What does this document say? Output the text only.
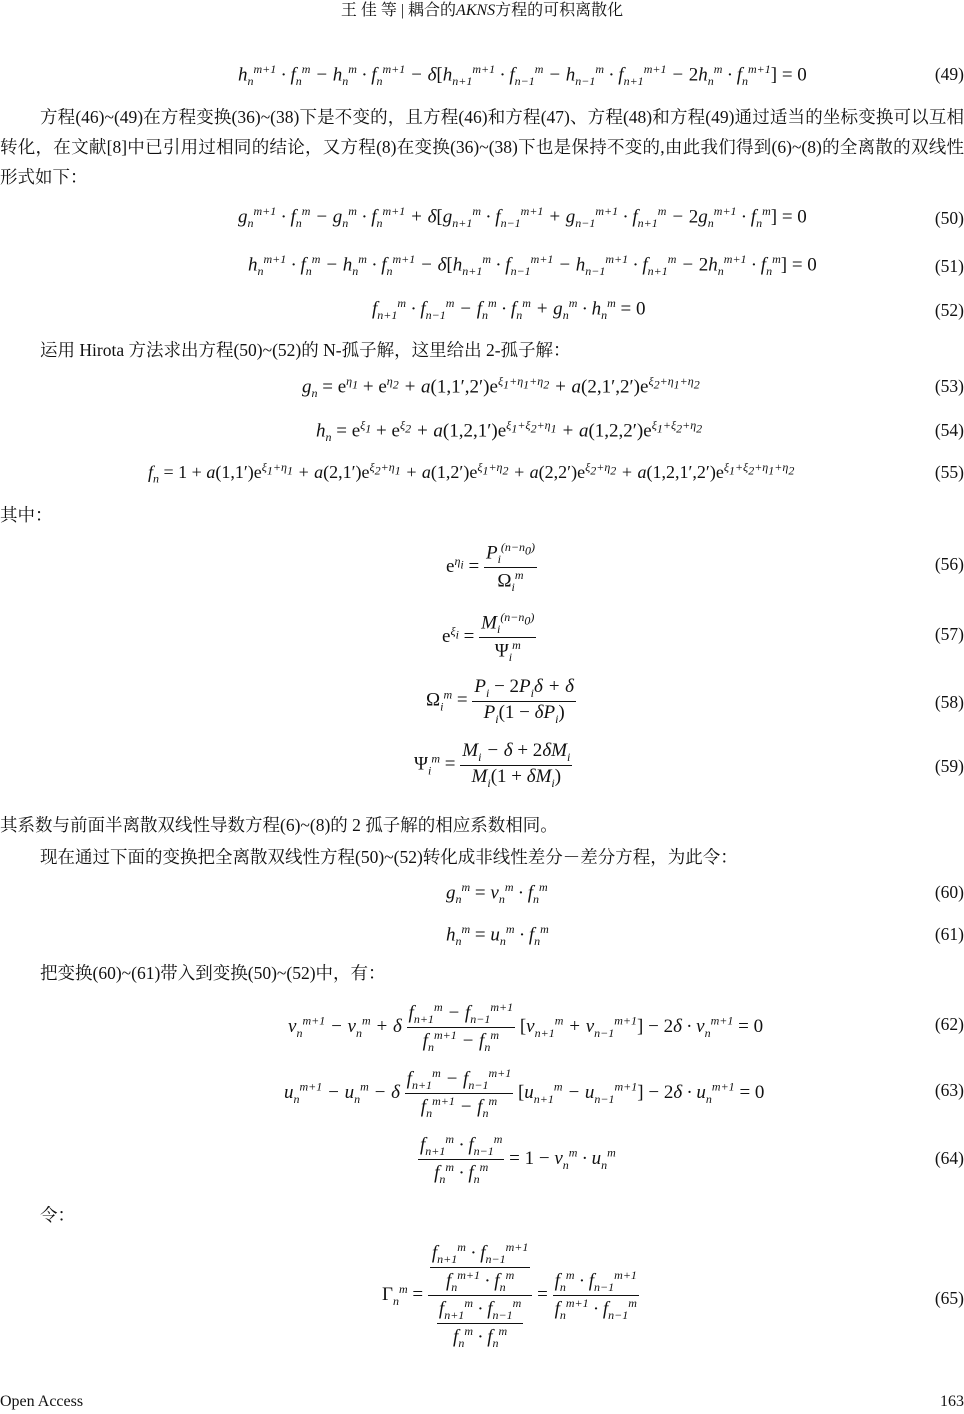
王 佳 等 | 耦合的AKNS方程的可积离散化
$h_n^{m+1} \cdot f_n^m - h_n^m \cdot f_n^{m+1} - \delta[h_{n+1}^{m+1} \cdot f_{n-1}^m - h_{n-1}^m \cdot f_{n+1}^{m+1} - 2h_n^m \cdot f_n^{m+1}] = 0$	(49)
方程(46)~(49)在方程变换(36)~(38)下是不变的，且方程(46)和方程(47)、方程(48)和方程(49)通过适当的坐标变换可以互相转化，在文献[8]中已引用过相同的结论，又方程(8)在变换(36)~(38)下也是保持不变的,由此我们得到(6)~(8)的全离散的双线性形式如下：
$g_n^{m+1} \cdot f_n^m - g_n^m \cdot f_n^{m+1} + \delta[g_{n+1}^m \cdot f_{n-1}^{m+1} + g_{n-1}^{m+1} \cdot f_{n+1}^m - 2g_n^{m+1} \cdot f_n^m] = 0$	(50)
$h_n^{m+1} \cdot f_n^m - h_n^m \cdot f_n^{m+1} - \delta[h_{n+1}^m \cdot f_{n-1}^{m+1} - h_{n-1}^{m+1} \cdot f_{n+1}^m - 2h_n^{m+1} \cdot f_n^m] = 0$	(51)
$f_{n+1}^m \cdot f_{n-1}^m - f_n^m \cdot f_n^m + g_n^m \cdot h_n^m = 0$	(52)
运用 Hirota 方法求出方程(50)~(52)的 N-孤子解，这里给出 2-孤子解：
$g_n = e^{\eta_1} + e^{\eta_2} + a(1,1',2')e^{\xi_1+\eta_1+\eta_2} + a(2,1',2')e^{\xi_2+\eta_1+\eta_2}$	(53)
$h_n = e^{\xi_1} + e^{\xi_2} + a(1,2,1')e^{\xi_1+\xi_2+\eta_1} + a(1,2,2')e^{\xi_1+\xi_2+\eta_2}$	(54)
$f_n = 1 + a(1,1')e^{\xi_1+\eta_1} + a(2,1')e^{\xi_2+\eta_1} + a(1,2')e^{\xi_1+\eta_2} + a(2,2')e^{\xi_2+\eta_2} + a(1,2,1',2')e^{\xi_1+\xi_2+\eta_1+\eta_2}$	(55)
其中：
$e^{\eta_i} = \frac{P_i^{(n-n_0)}}{\Omega_i^m}$	(56)
$e^{\xi_i} = \frac{M_i^{(n-n_0)}}{\Psi_i^m}$	(57)
$\Omega_i^m = \frac{P_i - 2P_i\delta + \delta}{P_i(1 - \delta P_i)}$	(58)
$\Psi_i^m = \frac{M_i - \delta + 2\delta M_i}{M_i(1 + \delta M_i)}$	(59)
其系数与前面半离散双线性导数方程(6)~(8)的 2 孤子解的相应系数相同。
现在通过下面的变换把全离散双线性方程(50)~(52)转化成非线性差分－差分方程，为此令：
$g_n^m = v_n^m \cdot f_n^m$	(60)
$h_n^m = u_n^m \cdot f_n^m$	(61)
把变换(60)~(61)带入到变换(50)~(52)中，有：
$v_n^{m+1} - v_n^m + \delta \frac{f_{n+1}^m - f_{n-1}^{m+1}}{f_n^{m+1} - f_n^m} [v_{n+1}^m + v_{n-1}^{m+1}] - 2\delta \cdot v_n^{m+1} = 0$	(62)
$u_n^{m+1} - u_n^m - \delta \frac{f_{n+1}^m - f_{n-1}^{m+1}}{f_n^{m+1} - f_n^m} [u_{n+1}^m - u_{n-1}^{m+1}] - 2\delta \cdot u_n^{m+1} = 0$	(63)
$\frac{f_{n+1}^m \cdot f_{n-1}^m}{f_n^m \cdot f_n^m} = 1 - v_n^m \cdot u_n^m$	(64)
令：
$\Gamma_n^m = \frac{\frac{f_{n+1}^m \cdot f_{n-1}^{m+1}}{f_n^{m+1} \cdot f_n^m}}{\frac{f_{n+1}^m \cdot f_{n-1}^m}{f_n^m \cdot f_n^m}} = \frac{f_n^m \cdot f_{n-1}^{m+1}}{f_n^{m+1} \cdot f_{n-1}^m}$	(65)
Open Access	163
